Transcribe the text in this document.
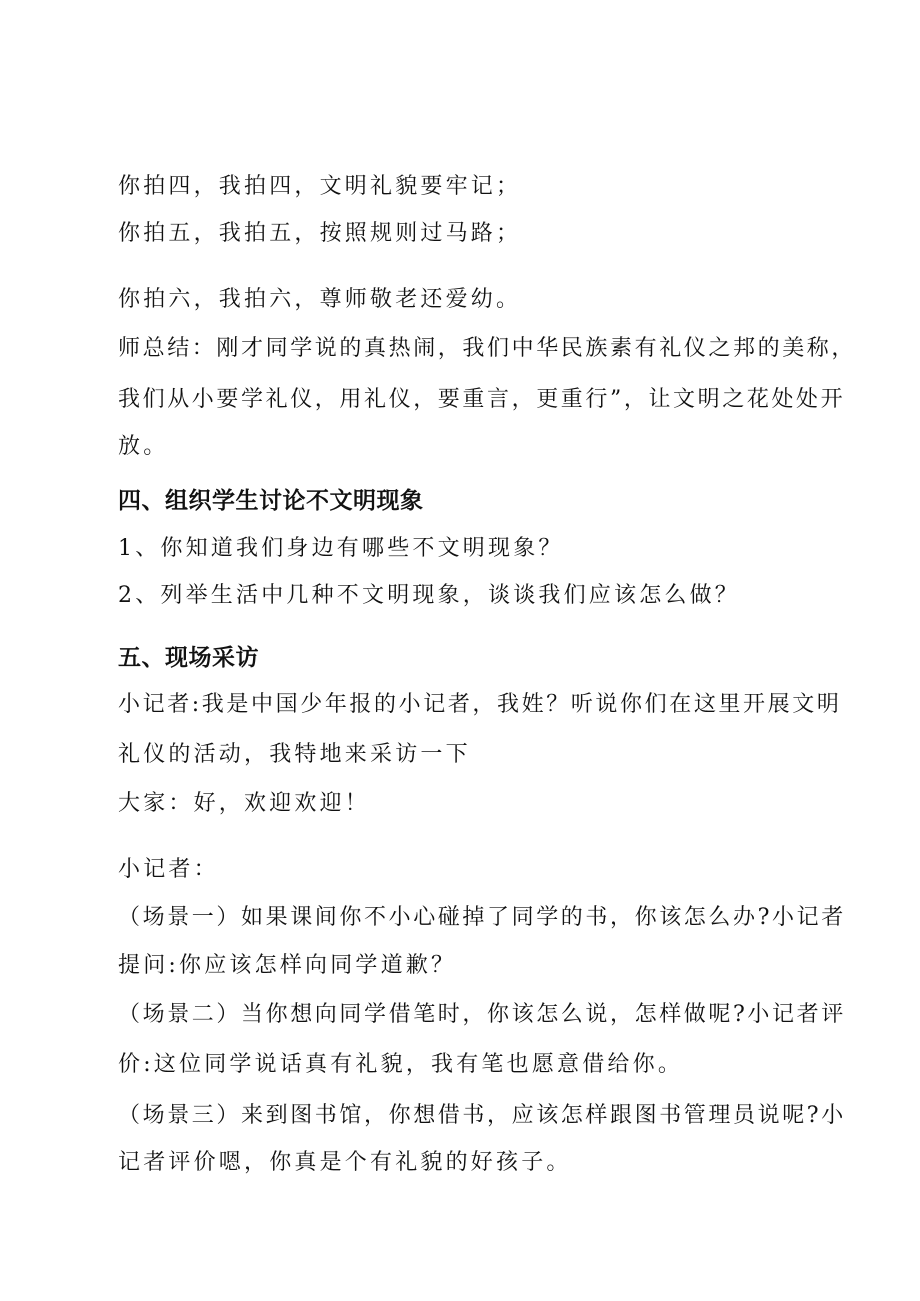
你拍四，我拍四，文明礼貌要牢记；
你拍五，我拍五，按照规则过马路；
你拍六，我拍六，尊师敬老还爱幼。
师总结：刚才同学说的真热闹，我们中华民族素有礼仪之邦的美称，
我们从小要学礼仪，用礼仪，要重言，更重行”，让文明之花处处开
放。
四、组织学生讨论不文明现象
1、你知道我们身边有哪些不文明现象？
2、列举生活中几种不文明现象，谈谈我们应该怎么做？
五、现场采访
小记者:我是中国少年报的小记者，我姓？听说你们在这里开展文明
礼仪的活动，我特地来采访一下
大家：好，欢迎欢迎！
小记者：
（场景一）如果课间你不小心碰掉了同学的书，你该怎么办?小记者
提问:你应该怎样向同学道歉？
（场景二）当你想向同学借笔时，你该怎么说，怎样做呢?小记者评
价:这位同学说话真有礼貌，我有笔也愿意借给你。
（场景三）来到图书馆，你想借书，应该怎样跟图书管理员说呢?小
记者评价嗯，你真是个有礼貌的好孩子。
